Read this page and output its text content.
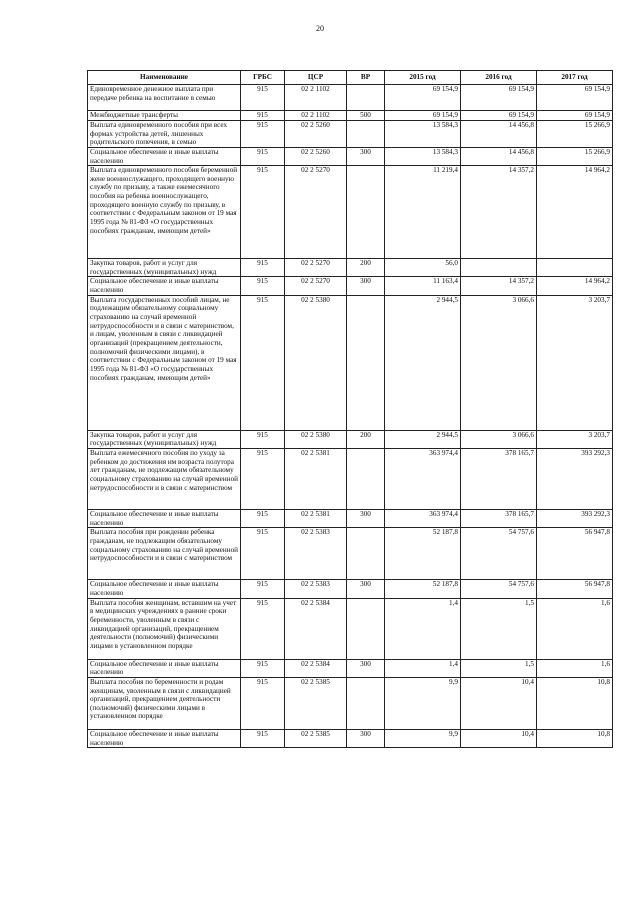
20
Наименование	ГРБС	ЦСР	ВР	2015 год	2016 год	2017 год
Единовременное денежное выплата при передаче ребенка на воспитание в семью	915	02 2 1102		69 154,9	69 154,9	69 154,9
Межбюджетные трансферты	915	02 2 1102	500	69 154,9	69 154,9	69 154,9
Выплата единовременного пособия при всех формах устройства детей, лишенных родительского попечения, в семью	915	02 2 5260		13 584,3	14 456,8	15 266,9
Социальное обеспечение и иные выплаты населению	915	02 2 5260	300	13 584,3	14 456,8	15 266,9
Выплата единовременного пособия беременной жене военнослужащего, проходящего военную службу по призыву, а также ежемесячного пособия на ребенка военнослужащего, проходящего военную службу по призыву, в соответствии с Федеральным законом от 19 мая 1995 года № 81-ФЗ «О государственных пособиях гражданам, имеющим детей»	915	02 2 5270		11 219,4	14 357,2	14 964,2
Закупка товаров, работ и услуг для государственных (муниципальных) нужд	915	02 2 5270	200	56,0		
Социальное обеспечение и иные выплаты населению	915	02 2 5270	300	11 163,4	14 357,2	14 964,2
Выплата государственных пособий лицам, не подлежащим обязательному социальному страхованию на случай временной нетрудоспособности и в связи с материнством, и лицам, уволенным в связи с ликвидацией организаций (прекращением деятельности, полномочий физическими лицами), в соответствии с Федеральным законом от 19 мая 1995 года № 81-ФЗ «О государственных пособиях гражданам, имеющим детей»	915	02 2 5380		2 944,5	3 066,6	3 203,7
Закупка товаров, работ и услуг для государственных (муниципальных) нужд	915	02 2 5380	200	2 944,5	3 066,6	3 203,7
Выплата ежемесячного пособия по уходу за ребенком до достижения им возраста полутора лет гражданам, не подлежащим обязательному социальному страхованию на случай временной нетрудоспособности и в связи с материнством	915	02 2 5381		363 974,4	378 165,7	393 292,3
Социальное обеспечение и иные выплаты населению	915	02 2 5381	300	363 974,4	378 165,7	393 292,3
Выплата пособия при рождении ребенка гражданам, не подлежащим обязательному социальному страхованию на случай временной нетрудоспособности и в связи с материнством	915	02 2 5383		52 187,8	54 757,6	56 947,8
Социальное обеспечение и иные выплаты населению	915	02 2 5383	300	52 187,8	54 757,6	56 947,8
Выплата пособия женщинам, вставшим на учет в медицинских учреждениях в ранние сроки беременности, уволенным в связи с ликвидацией организаций, прекращением деятельности (полномочий) физическими лицами в установленном порядке	915	02 2 5384		1,4	1,5	1,6
Социальное обеспечение и иные выплаты населению	915	02 2 5384	300	1,4	1,5	1,6
Выплата пособия по беременности и родам женщинам, уволенным в связи с ликвидацией организаций, прекращением деятельности (полномочий) физическими лицами в установленном порядке	915	02 2 5385		9,9	10,4	10,8
Социальное обеспечение и иные выплаты населению	915	02 2 5385	300	9,9	10,4	10,8
